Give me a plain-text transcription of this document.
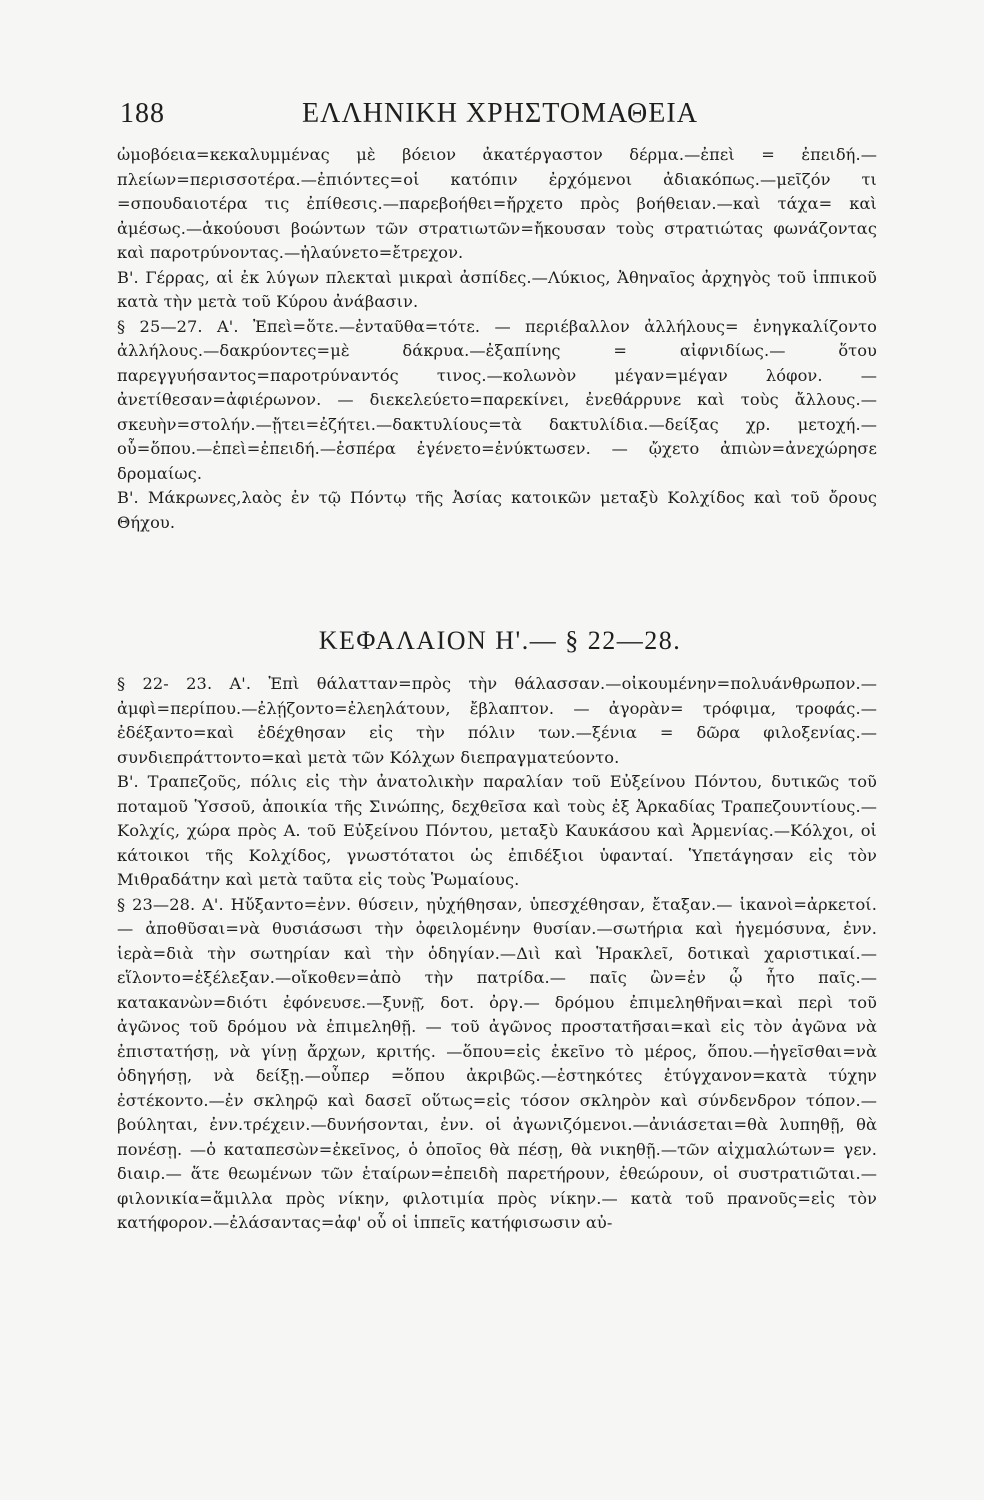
188	ΕΛΛΗΝΙΚΗ ΧΡΗΣΤΟΜΑΘΕΙΑ

ὠμοβόεια=κεκαλυμμένας μὲ βόειον ἀκατέργαστον δέρμα.—ἐπεὶ = ἐπειδή.—πλείων=περισσοτέρα.—ἐπιόντες=οἱ κατόπιν ἐρχόμενοι ἀδιακόπως.—μεῖζόν τι =σπουδαιοτέρα τις ἐπίθεσις.—παρεβοήθει=ἤρχετο πρὸς βοήθειαν.—καὶ τάχα= καὶ ἀμέσως.—ἀκούουσι βοώντων τῶν στρατιωτῶν=ἤκουσαν τοὺς στρατιώτας φωνάζοντας καὶ παροτρύνοντας.—ἠλαύνετο=ἔτρεχον.

Β'. Γέρρας, αἱ ἐκ λύγων πλεκταὶ μικραὶ ἀσπίδες.—Λύκιος, Ἀθηναῖος ἀρχηγὸς τοῦ ἱππικοῦ κατὰ τὴν μετὰ τοῦ Κύρου ἀνάβασιν.

§ 25—27. Α'. Ἐπεὶ=ὅτε.—ἐνταῦθα=τότε. — περιέβαλλον ἀλλήλους= ἐνηγκαλίζοντο ἀλλήλους.—δακρύοντες=μὲ δάκρυα.—ἐξαπίνης = αἰφνιδίως.— ὅτου παρεγγυήσαντος=παροτρύναντός τινος.—κολωνὸν μέγαν=μέγαν λόφον. —ἀνετίθεσαν=ἀφιέρωνον. — διεκελεύετο=παρεκίνει, ἐνεθάρρυνε καὶ τοὺς ἄλλους.—σκευὴν=στολήν.—ᾔτει=ἐζήτει.—δακτυλίους=τὰ δακτυλίδια.—δείξας χρ. μετοχή.—οὗ=ὅπου.—ἐπεὶ=ἐπειδή.—ἑσπέρα ἐγένετο=ἐνύκτωσεν. — ᾤχετο ἀπιὼν=ἀνεχώρησε δρομαίως.

Β'. Μάκρωνες,λαὸς ἐν τῷ Πόντῳ τῆς Ἀσίας κατοικῶν μεταξὺ Κολχίδος καὶ τοῦ ὄρους Θήχου.

ΚΕΦΑΛΑΙΟΝ Η'.— § 22—28.

§ 22- 23. Α'. Ἐπὶ θάλατταν=πρὸς τὴν θάλασσαν.—οἰκουμένην=πολυάνθρωπον.—ἀμφὶ=περίπου.—ἐλῄζοντο=ἐλεηλάτουν, ἔβλαπτον. — ἀγορὰν= τρόφιμα, τροφάς.—ἐδέξαντο=καὶ ἐδέχθησαν εἰς τὴν πόλιν των.—ξένια = δῶρα φιλοξενίας.—συνδιεπράττοντο=καὶ μετὰ τῶν Κόλχων διεπραγματεύοντο.

Β'. Τραπεζοῦς, πόλις εἰς τὴν ἀνατολικὴν παραλίαν τοῦ Εὐξείνου Πόντου, δυτικῶς τοῦ ποταμοῦ Ὑσσοῦ, ἀποικία τῆς Σινώπης, δεχθεῖσα καὶ τοὺς ἐξ Ἀρκαδίας Τραπεζουντίους.—Κολχίς, χώρα πρὸς Α. τοῦ Εὐξείνου Πόντου, μεταξὺ Καυκάσου καὶ Ἀρμενίας.—Κόλχοι, οἱ κάτοικοι τῆς Κολχίδος, γνωστότατοι ὡς ἐπιδέξιοι ὑφανταί. Ὑπετάγησαν εἰς τὸν Μιθραδάτην καὶ μετὰ ταῦτα εἰς τοὺς Ῥωμαίους.

§ 23—28. Α'. Ηὔξαντο=ἐνν. θύσειν, ηὐχήθησαν, ὑπεσχέθησαν, ἔταξαν.— ἱκανοὶ=ἀρκετοί.— ἀποθῦσαι=νὰ θυσιάσωσι τὴν ὀφειλομένην θυσίαν.—σωτήρια καὶ ἡγεμόσυνα, ἐνν. ἱερὰ=διὰ τὴν σωτηρίαν καὶ τὴν ὁδηγίαν.—Διὶ καὶ Ἡρακλεῖ, δοτικαὶ χαριστικαί.—εἵλοντο=ἐξέλεξαν.—οἴκοθεν=ἀπὸ τὴν πατρίδα.— παῖς ὢν=ἐν ᾧ ἦτο παῖς.—κατακανὼν=διότι ἐφόνευσε.—ξυνῇ͂, δοτ. ὀργ.— δρόμου ἐπιμεληθῆναι=καὶ περὶ τοῦ ἀγῶνος τοῦ δρόμου νὰ ἐπιμεληθῇ. — τοῦ ἀγῶνος προστατῆσαι=καὶ εἰς τὸν ἀγῶνα νὰ ἐπιστατήσῃ, νὰ γίνῃ ἄρχων, κριτής. —ὅπου=εἰς ἐκεῖνο τὸ μέρος, ὅπου.—ἡγεῖσθαι=νὰ ὁδηγήσῃ, νὰ δείξῃ.—οὗπερ =ὅπου ἀκριβῶς.—ἑστηκότες ἐτύγχανον=κατὰ τύχην ἐστέκοντο.—ἐν σκληρῷ καὶ δασεῖ οὕτως=εἰς τόσον σκληρὸν καὶ σύνδενδρον τόπον.—βούληται, ἐνν.τρέχειν.—δυνήσονται, ἐνν. οἱ ἀγωνιζόμενοι.—ἀνιάσεται=θὰ λυπηθῇ, θὰ πονέσῃ. —ὁ καταπεσὼν=ἐκεῖνος, ὁ ὁποῖος θὰ πέσῃ, θὰ νικηθῇ.—τῶν αἰχμαλώτων= γεν. διαιρ.— ἅτε θεωμένων τῶν ἑταίρων=ἐπειδὴ παρετήρουν, ἐθεώρουν, οἱ συστρατιῶται.—φιλονικία=ἅμιλλα πρὸς νίκην, φιλοτιμία πρὸς νίκην.— κατὰ τοῦ πρανοῦς=εἰς τὸν κατήφορον.—ἐλάσαντας=ἀφ' οὗ οἱ ἱππεῖς κατήφισωσιν αὐ-
